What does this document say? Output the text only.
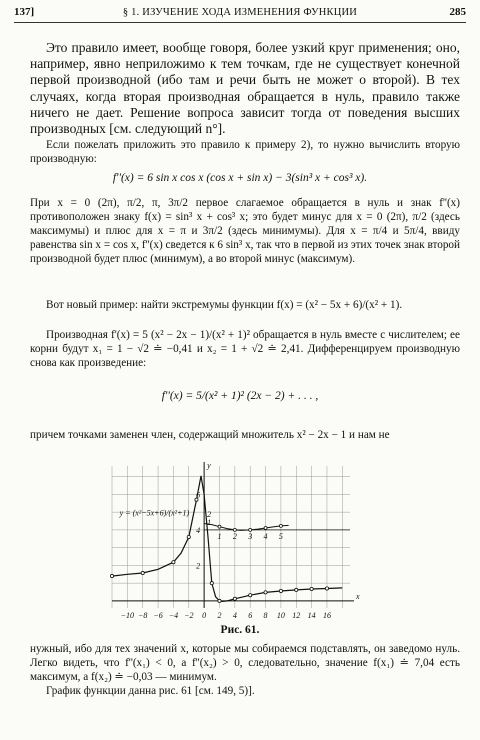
137]	§ 1. ИЗУЧЕНИЕ ХОДА ИЗМЕНЕНИЯ ФУНКЦИИ	285
Это правило имеет, вообще говоря, более узкий круг применения; оно, например, явно неприложимо к тем точкам, где не существует конечной первой производной (ибо там и речи быть не может о второй). В тех случаях, когда вторая производная обращается в нуль, правило также ничего не дает. Решение вопроса зависит тогда от поведения высших производных [см. следующий n°].
Если пожелать приложить это правило к примеру 2), то нужно вычислить вторую производную:
f''(x) = 6 sin x cos x (cos x + sin x) − 3(sin³ x + cos³ x).
При x = 0 (2π), π/2, π, 3π/2 первое слагаемое обращается в нуль и знак f''(x) противоположен знаку f(x) = sin³ x + cos³ x; это будет минус для x = 0 (2π), π/2 (здесь максимумы) и плюс для x = π и 3π/2 (здесь минимумы). Для x = π/4 и 5π/4, ввиду равенства sin x = cos x, f''(x) сведется к 6 sin³ x, так что в первой из этих точек знак второй производной будет плюс (минимум), а во второй минус (максимум).
Вот новый пример: найти экстремумы функции f(x) = (x² − 5x + 6)/(x² + 1).
Производная f'(x) = 5 (x² − 2x − 1)/(x² + 1)² обращается в нуль вместе с числителем; ее корни будут x₁ = 1 − √2 ≐ −0,41 и x₂ = 1 + √2 ≐ 2,41. Дифференцируем производную снова как произведение:
f''(x) = 5/(x² + 1)² (2x − 2) + . . . ,
причем точками заменен член, содержащий множитель x² − 2x − 1 и нам не
−10 −8 −6 −4 −2 0 2 4 6 8 10 12 14 16
2
4
6
1 2 3 4 5
1
2
x
y
y = (x²−5x+6)/(x²+1)
Рис. 61.
нужный, ибо для тех значений x, которые мы собираемся подставлять, он заведомо нуль. Легко видеть, что f''(x₁) < 0, а f''(x₂) > 0, следовательно, значение f(x₁) ≐ 7,04 есть максимум, а f(x₂) ≐ −0,03 — минимум.
График функции данна рис. 61 [см. 149, 5)].
